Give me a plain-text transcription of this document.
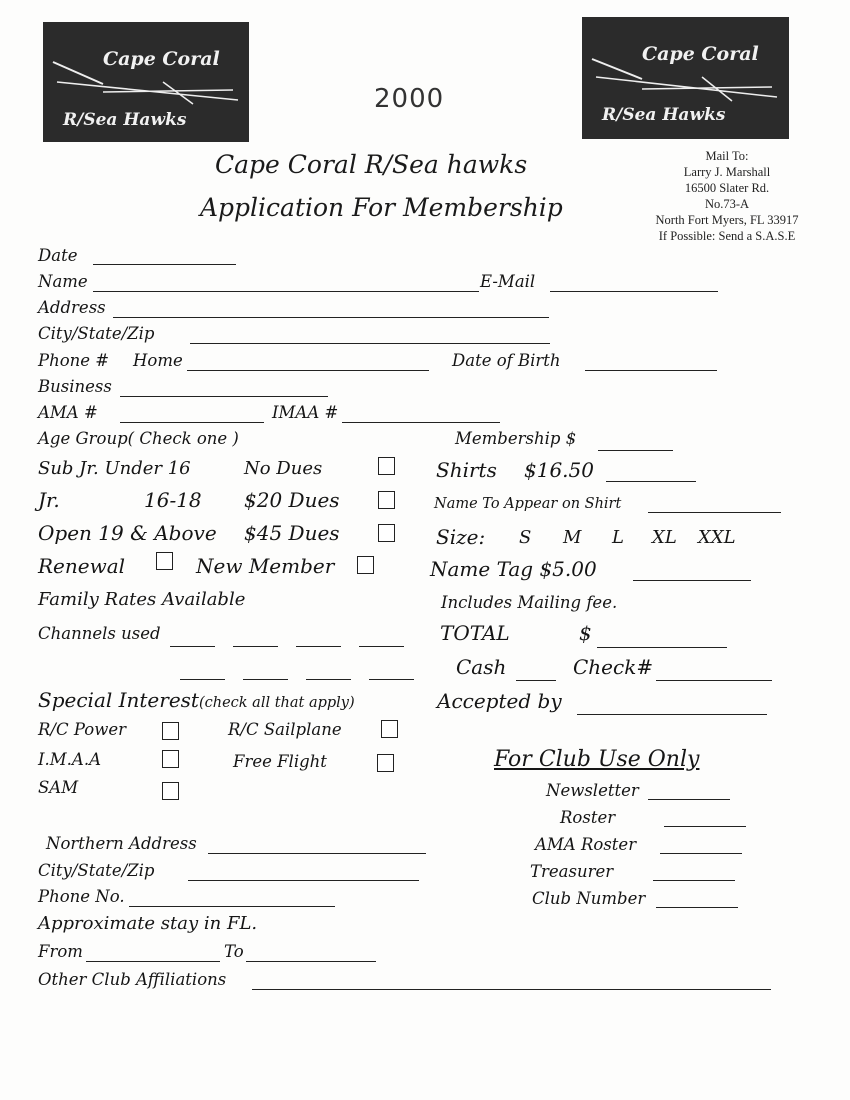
Cape Coral
R/Sea Hawks
Cape Coral
R/Sea Hawks
2000
Cape Coral R/Sea hawks
Application For Membership
Mail To:
Larry J. Marshall
16500 Slater Rd.
No.73-A
North Fort Myers, FL 33917
If Possible: Send a S.A.S.E
Date
Name	E-Mail
Address
City/State/Zip
Phone # Home	Date of Birth
Business
AMA #	IMAA #
Age Group( Check one )	Membership $
Sub Jr. Under 16	No Dues
Jr.	16-18 $20 Dues
Open 19 & Above $45 Dues
Renewal	New Member
Family Rates Available
Shirts $16.50
Name To Appear on Shirt
Size: S M L XL XXL
Name Tag $5.00
Includes Mailing fee.
Channels used	TOTAL	$
Cash	Check#
Special Interest(check all that apply)	Accepted by
R/C Power	R/C Sailplane
I.M.A.A	Free Flight
SAM
For Club Use Only
Newsletter
Roster
AMA Roster
Treasurer
Club Number
Northern Address
City/State/Zip
Phone No.
Approximate stay in FL.
From	To
Other Club Affiliations
